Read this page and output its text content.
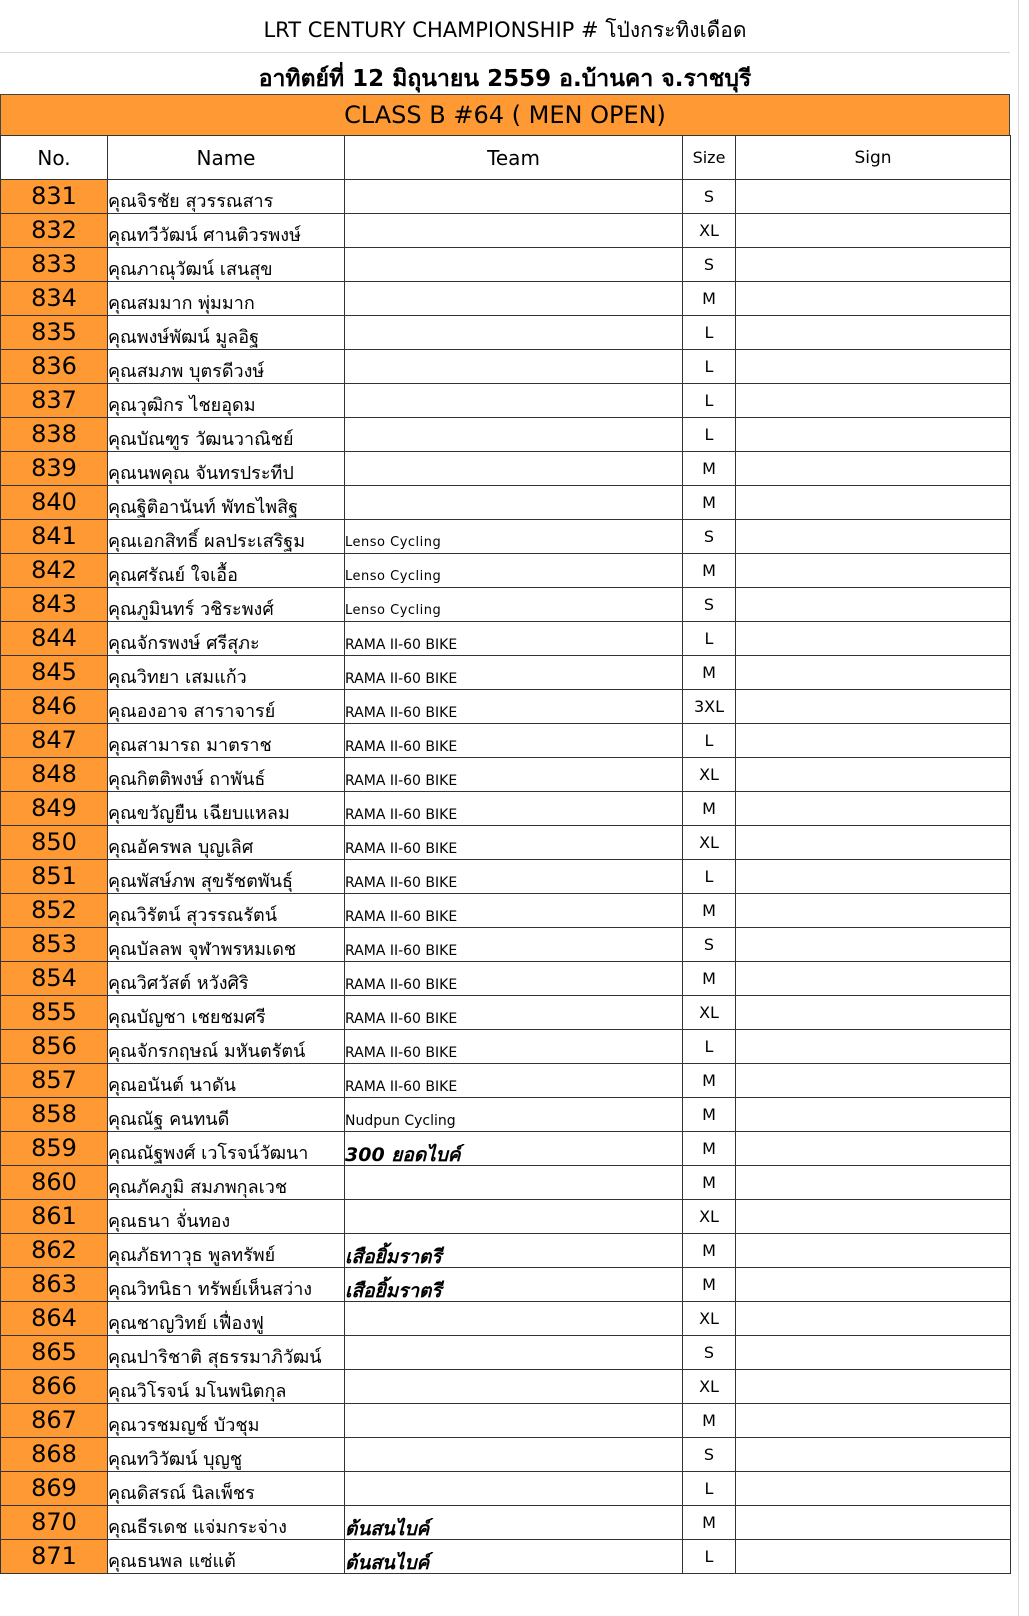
LRT CENTURY CHAMPIONSHIP # โป่งกระทิงเดือด
อาทิตย์ที่ 12 มิถุนายน 2559 อ.บ้านคา จ.ราชบุรี
CLASS B #64 ( MEN OPEN)
No.	Name	Team	Size	Sign
831	คุณจิรชัย สุวรรณสาร		S	
832	คุณทวีวัฒน์ ศานติวรพงษ์		XL	
833	คุณภาณุวัฒน์ เสนสุข		S	
834	คุณสมมาก พุ่มมาก		M	
835	คุณพงษ์พัฒน์ มูลอิฐ		L	
836	คุณสมภพ บุตรดีวงษ์		L	
837	คุณวุฒิกร ไชยอุดม		L	
838	คุณบัณฑูร วัฒนวาณิชย์		L	
839	คุณนพคุณ จันทรประทีป		M	
840	คุณฐิติอานันท์ พัทธไพสิฐ		M	
841	คุณเอกสิทธิ์ ผลประเสริฐม	Lenso Cycling	S	
842	คุณศรัณย์ ใจเอื้อ	Lenso Cycling	M	
843	คุณภูมินทร์ วชิระพงศ์	Lenso Cycling	S	
844	คุณจักรพงษ์ ศรีสุภะ	RAMA II-60 BIKE	L	
845	คุณวิทยา เสมแก้ว	RAMA II-60 BIKE	M	
846	คุณองอาจ สาราจารย์	RAMA II-60 BIKE	3XL	
847	คุณสามารถ มาตราช	RAMA II-60 BIKE	L	
848	คุณกิตติพงษ์ ถาพันธ์	RAMA II-60 BIKE	XL	
849	คุณขวัญยืน เฉียบแหลม	RAMA II-60 BIKE	M	
850	คุณอัครพล บุญเลิศ	RAMA II-60 BIKE	XL	
851	คุณพัสษ์ภพ สุขรัชตพันธุ์	RAMA II-60 BIKE	L	
852	คุณวิรัตน์ สุวรรณรัตน์	RAMA II-60 BIKE	M	
853	คุณบัลลพ จุฬาพรหมเดช	RAMA II-60 BIKE	S	
854	คุณวิศวัสต์ หวังศิริ	RAMA II-60 BIKE	M	
855	คุณบัญชา เชยชมศรี	RAMA II-60 BIKE	XL	
856	คุณจักรกฤษณ์ มหันตรัตน์	RAMA II-60 BIKE	L	
857	คุณอนันต์ นาดัน	RAMA II-60 BIKE	M	
858	คุณณัฐ คนทนดี	Nudpun Cycling	M	
859	คุณณัฐพงศ์ เวโรจน์วัฒนา	300 ยอดไบค์	M	
860	คุณภัคภูมิ สมภพกุลเวช		M	
861	คุณธนา จั่นทอง		XL	
862	คุณภัธทาวุธ พูลทรัพย์	เสือยิ้มราตรี	M	
863	คุณวิทนิธา ทรัพย์เห็นสว่าง	เสือยิ้มราตรี	M	
864	คุณชาญวิทย์ เฟื่องฟู		XL	
865	คุณปาริชาติ สุธรรมาภิวัฒน์		S	
866	คุณวิโรจน์ มโนพนิตกุล		XL	
867	คุณวรชมญช์ บัวชุม		M	
868	คุณทวิวัฒน์ บุญชู		S	
869	คุณดิสรณ์ นิลเพ็ชร		L	
870	คุณธีรเดช แจ่มกระจ่าง	ต้นสนไบค์	M	
871	คุณธนพล แซ่แต้	ต้นสนไบค์	L	
